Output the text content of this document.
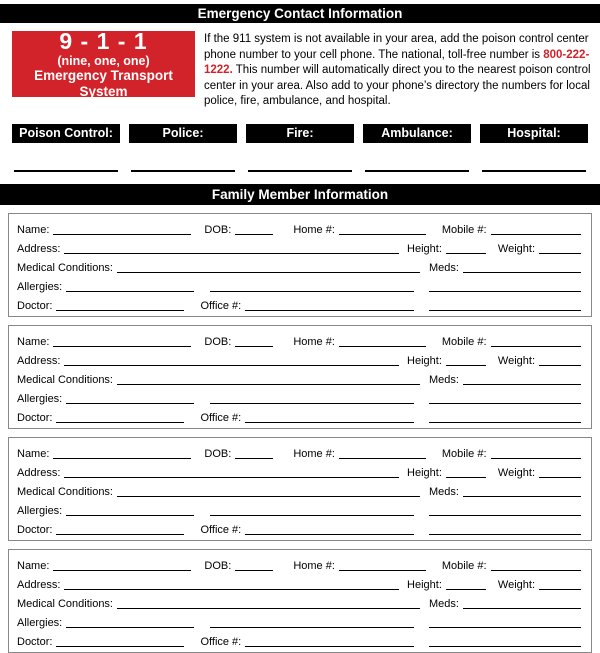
Emergency Contact Information
9 - 1 - 1
(nine, one, one)
Emergency Transport System
If the 911 system is not available in your area, add the poison control center phone number to your cell phone. The national, toll-free number is 800-222-1222. This number will automatically direct you to the nearest poison control center in your area. Also add to your phone’s directory the numbers for local police, fire, ambulance, and hospital.
Poison Control:	Police:	Fire:	Ambulance:	Hospital:
Family Member Information
Name:	DOB:	Home #:	Mobile #:
Address:	Height:	Weight:
Medical Conditions:	Meds:
Allergies:
Doctor:	Office #:
Name:	DOB:	Home #:	Mobile #:
Address:	Height:	Weight:
Medical Conditions:	Meds:
Allergies:
Doctor:	Office #:
Name:	DOB:	Home #:	Mobile #:
Address:	Height:	Weight:
Medical Conditions:	Meds:
Allergies:
Doctor:	Office #:
Name:	DOB:	Home #:	Mobile #:
Address:	Height:	Weight:
Medical Conditions:	Meds:
Allergies:
Doctor:	Office #:
